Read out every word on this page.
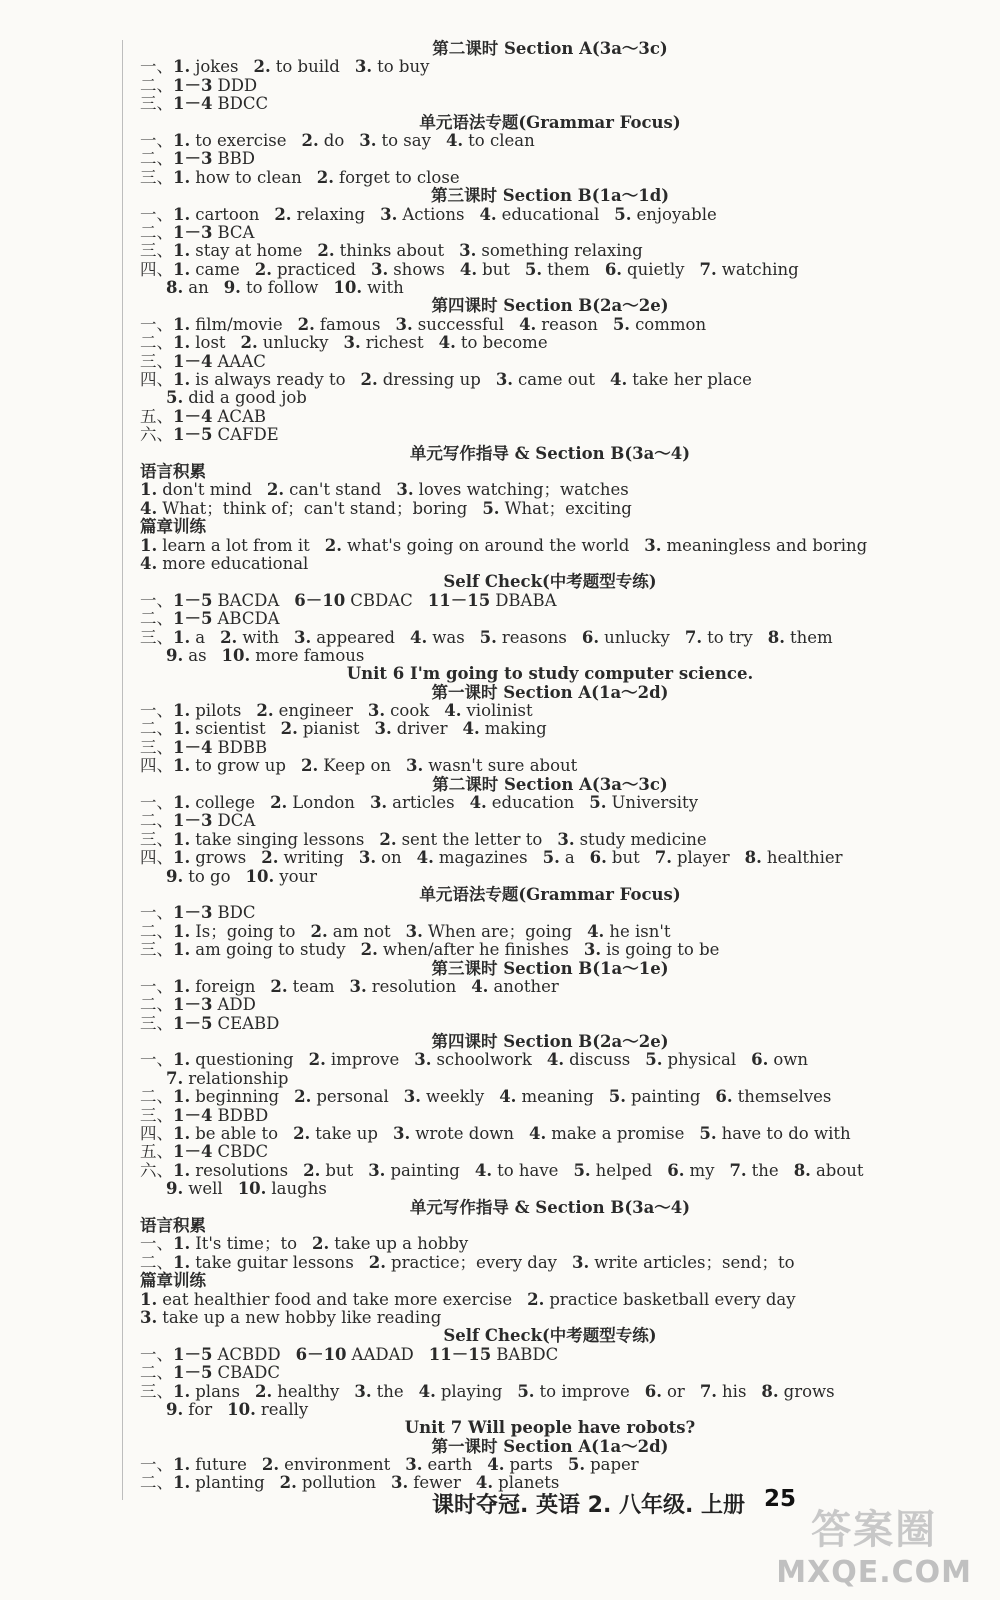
第二课时 Section A(3a～3c)
一、1. jokes 2. to build 3. to buy
二、1－3 DDD
三、1－4 BDCC
单元语法专题(Grammar Focus)
一、1. to exercise 2. do 3. to say 4. to clean
二、1－3 BBD
三、1. how to clean 2. forget to close
第三课时 Section B(1a～1d)
一、1. cartoon 2. relaxing 3. Actions 4. educational 5. enjoyable
二、1－3 BCA
三、1. stay at home 2. thinks about 3. something relaxing
四、1. came 2. practiced 3. shows 4. but 5. them 6. quietly 7. watching
8. an 9. to follow 10. with
第四课时 Section B(2a～2e)
一、1. film/movie 2. famous 3. successful 4. reason 5. common
二、1. lost 2. unlucky 3. richest 4. to become
三、1－4 AAAC
四、1. is always ready to 2. dressing up 3. came out 4. take her place
5. did a good job
五、1－4 ACAB
六、1－5 CAFDE
单元写作指导 & Section B(3a～4)
语言积累
1. don't mind 2. can't stand 3. loves watching；watches
4. What；think of；can't stand；boring 5. What；exciting
篇章训练
1. learn a lot from it 2. what's going on around the world 3. meaningless and boring
4. more educational
Self Check(中考题型专练)
一、1－5 BACDA 6－10 CBDAC 11－15 DBABA
二、1－5 ABCDA
三、1. a 2. with 3. appeared 4. was 5. reasons 6. unlucky 7. to try 8. them
9. as 10. more famous
Unit 6 I'm going to study computer science.
第一课时 Section A(1a～2d)
一、1. pilots 2. engineer 3. cook 4. violinist
二、1. scientist 2. pianist 3. driver 4. making
三、1－4 BDBB
四、1. to grow up 2. Keep on 3. wasn't sure about
第二课时 Section A(3a～3c)
一、1. college 2. London 3. articles 4. education 5. University
二、1－3 DCA
三、1. take singing lessons 2. sent the letter to 3. study medicine
四、1. grows 2. writing 3. on 4. magazines 5. a 6. but 7. player 8. healthier
9. to go 10. your
单元语法专题(Grammar Focus)
一、1－3 BDC
二、1. Is；going to 2. am not 3. When are；going 4. he isn't
三、1. am going to study 2. when/after he finishes 3. is going to be
第三课时 Section B(1a～1e)
一、1. foreign 2. team 3. resolution 4. another
二、1－3 ADD
三、1－5 CEABD
第四课时 Section B(2a～2e)
一、1. questioning 2. improve 3. schoolwork 4. discuss 5. physical 6. own
7. relationship
二、1. beginning 2. personal 3. weekly 4. meaning 5. painting 6. themselves
三、1－4 BDBD
四、1. be able to 2. take up 3. wrote down 4. make a promise 5. have to do with
五、1－4 CBDC
六、1. resolutions 2. but 3. painting 4. to have 5. helped 6. my 7. the 8. about
9. well 10. laughs
单元写作指导 & Section B(3a～4)
语言积累
一、1. It's time；to 2. take up a hobby
二、1. take guitar lessons 2. practice；every day 3. write articles；send；to
篇章训练
1. eat healthier food and take more exercise 2. practice basketball every day
3. take up a new hobby like reading
Self Check(中考题型专练)
一、1－5 ACBDD 6－10 AADAD 11－15 BABDC
二、1－5 CBADC
三、1. plans 2. healthy 3. the 4. playing 5. to improve 6. or 7. his 8. grows
9. for 10. really
Unit 7 Will people have robots?
第一课时 Section A(1a～2d)
一、1. future 2. environment 3. earth 4. parts 5. paper
二、1. planting 2. pollution 3. fewer 4. planets
课时夺冠. 英语 2. 八年级. 上册 25
答案圈
MXQE.COM
